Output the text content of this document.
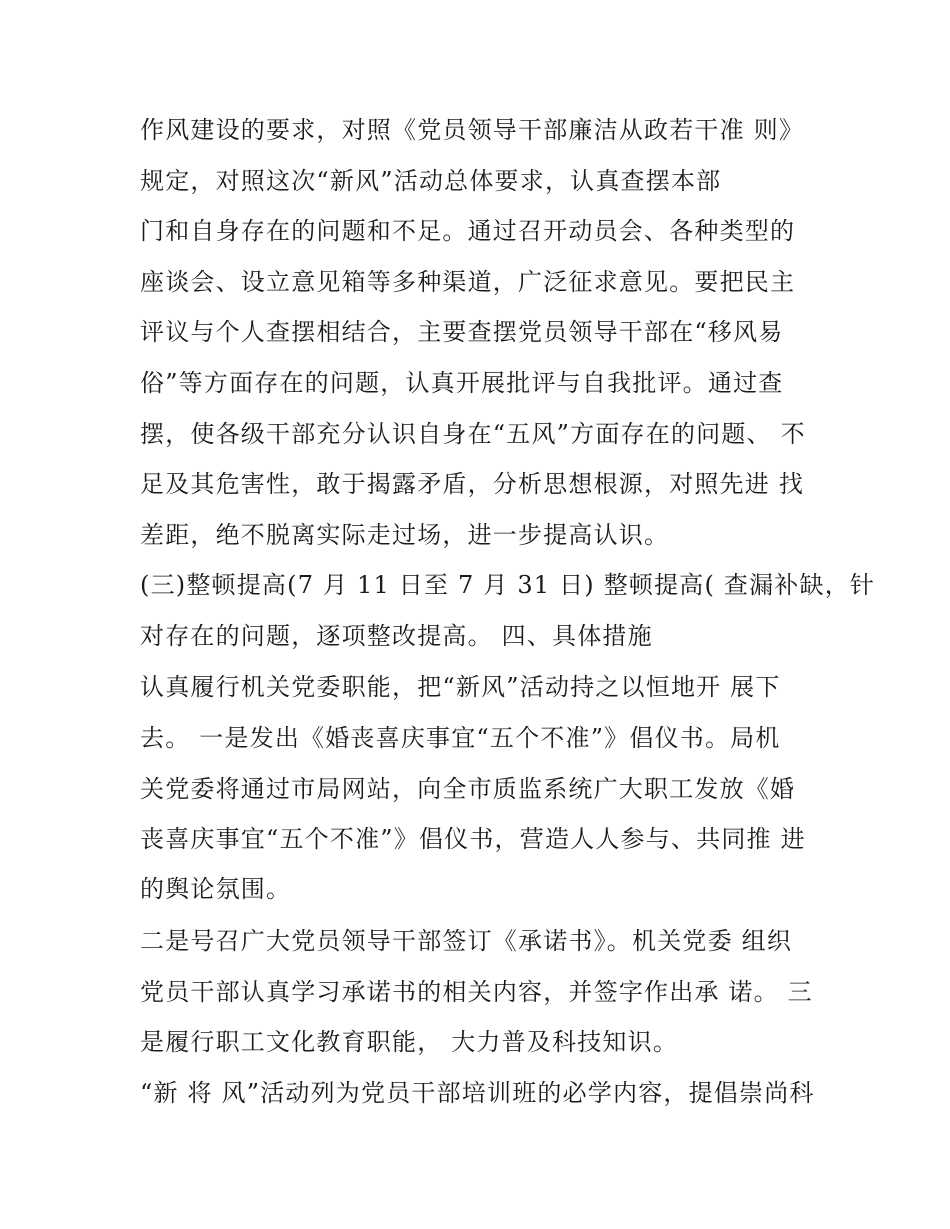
作风建设的要求，对照《党员领导干部廉洁从政若干准 则》
规定，对照这次“新风”活动总体要求，认真查摆本部
门和自身存在的问题和不足。通过召开动员会、各种类型的
座谈会、设立意见箱等多种渠道，广泛征求意见。要把民主
评议与个人查摆相结合，主要查摆党员领导干部在“移风易
俗”等方面存在的问题，认真开展批评与自我批评。通过查
摆，使各级干部充分认识自身在“五风”方面存在的问题、 不
足及其危害性，敢于揭露矛盾，分析思想根源，对照先进 找
差距，绝不脱离实际走过场，进一步提高认识。
(三)整顿提高(7 月 11 日至 7 月 31 日) 整顿提高( 查漏补缺，针
对存在的问题，逐项整改提高。 四、具体措施
认真履行机关党委职能，把“新风”活动持之以恒地开 展下
去。 一是发出《婚丧喜庆事宜“五个不准”》倡仪书。局机
关党委将通过市局网站，向全市质监系统广大职工发放《婚
丧喜庆事宜“五个不准”》倡仪书，营造人人参与、共同推 进
的舆论氛围。
二是号召广大党员领导干部签订《承诺书》。机关党委 组织
党员干部认真学习承诺书的相关内容，并签字作出承 诺。 三
是履行职工文化教育职能， 大力普及科技知识。
“新 将 风”活动列为党员干部培训班的必学内容，提倡崇尚科
